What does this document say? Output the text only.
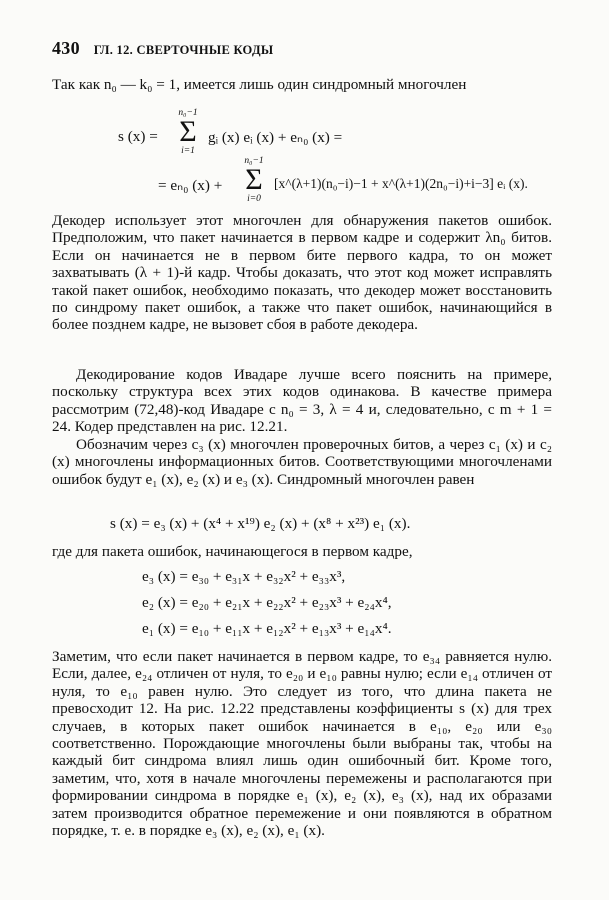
430 ГЛ. 12. СВЕРТОЧНЫЕ КОДЫ

Так как n₀ — k₀ = 1, имеется лишь один синдромный многочлен

s (x) =
n₀−1
Σ
i=1
gᵢ (x) eᵢ (x) + eₙ₀ (x) =
= eₙ₀ (x) +
n₀−1
Σ
i=0
[x^(λ+1)(n₀−i)−1 + x^(λ+1)(2n₀−i)+i−3] eᵢ (x).

Декодер использует этот многочлен для обнаружения пакетов ошибок. Предположим, что пакет начинается в первом кадре и содержит λn₀ битов. Если он начинается не в первом бите первого кадра, то он может захватывать (λ + 1)-й кадр. Чтобы доказать, что этот код может исправлять такой пакет ошибок, необходимо показать, что декодер может восстановить по синдрому пакет ошибок, а также что пакет ошибок, начинающийся в более позднем кадре, не вызовет сбоя в работе декодера.

Декодирование кодов Ивадаре лучше всего пояснить на примере, поскольку структура всех этих кодов одинакова. В качестве примера рассмотрим (72,48)-код Ивадаре с n₀ = 3, λ = 4 и, следовательно, с m + 1 = 24. Кодер представлен на рис. 12.21.

Обозначим через c₃ (x) многочлен проверочных битов, а через c₁ (x) и c₂ (x) многочлены информационных битов. Соответствующими многочленами ошибок будут e₁ (x), e₂ (x) и e₃ (x). Синдромный многочлен равен

s (x) = e₃ (x) + (x⁴ + x¹⁹) e₂ (x) + (x⁸ + x²³) e₁ (x).

где для пакета ошибок, начинающегося в первом кадре,

e₃ (x) = e₃₀ + e₃₁x + e₃₂x² + e₃₃x³,
e₂ (x) = e₂₀ + e₂₁x + e₂₂x² + e₂₃x³ + e₂₄x⁴,
e₁ (x) = e₁₀ + e₁₁x + e₁₂x² + e₁₃x³ + e₁₄x⁴.

Заметим, что если пакет начинается в первом кадре, то e₃₄ равняется нулю. Если, далее, e₂₄ отличен от нуля, то e₂₀ и e₁₀ равны нулю; если e₁₄ отличен от нуля, то e₁₀ равен нулю. Это следует из того, что длина пакета не превосходит 12. На рис. 12.22 представлены коэффициенты s (x) для трех случаев, в которых пакет ошибок начинается в e₁₀, e₂₀ или e₃₀ соответственно. Порождающие многочлены были выбраны так, чтобы на каждый бит синдрома влиял лишь один ошибочный бит. Кроме того, заметим, что, хотя в начале многочлены перемежены и располагаются при формировании синдрома в порядке e₁ (x), e₂ (x), e₃ (x), над их образами затем производится обратное перемежение и они появляются в обратном порядке, т. е. в порядке e₃ (x), e₂ (x), e₁ (x).
